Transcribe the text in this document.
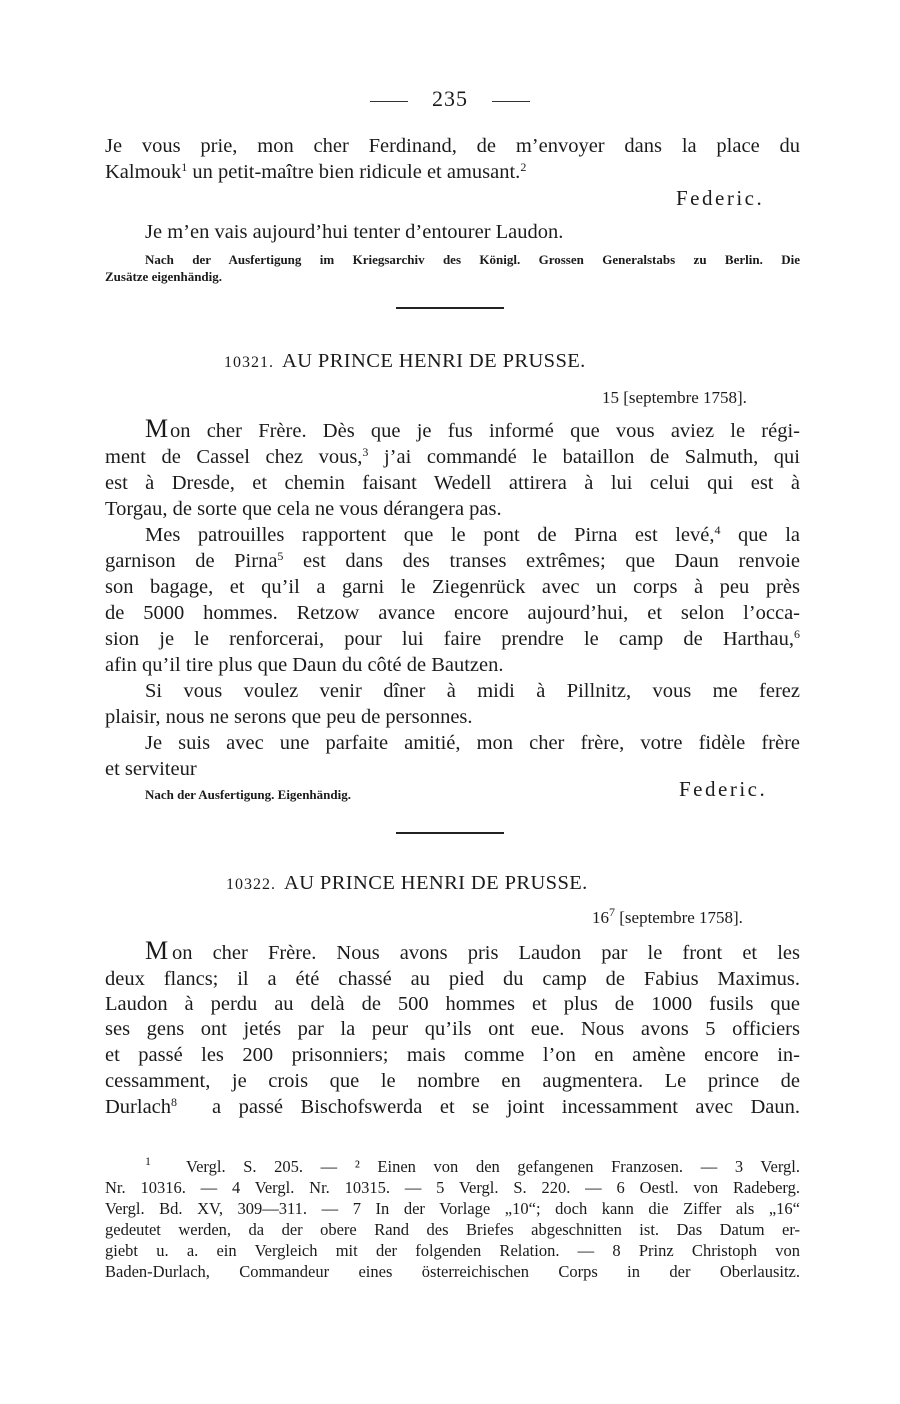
235
Je vous prie, mon cher Ferdinand, de m’envoyer dans la place du
Kalmouk$^1$ un petit-maître bien ridicule et amusant.$^2$
Federic.
Je m’en vais aujourd’hui tenter d’entourer Laudon.
Nach der Ausfertigung im Kriegsarchiv des Königl. Grossen Generalstabs zu Berlin. Die
Zusätze eigenhändig.
10321. AU PRINCE HENRI DE PRUSSE.
15 [septembre 1758].
M on cher Frère. Dès que je fus informé que vous aviez le régi-
ment de Cassel chez vous,$^3$ j’ai commandé le bataillon de Salmuth, qui
est à Dresde, et chemin faisant Wedell attirera à lui celui qui est à
Torgau, de sorte que cela ne vous dérangera pas.
Mes patrouilles rapportent que le pont de Pirna est levé,$^4$ que la
garnison de Pirna$^5$ est dans des transes extrêmes; que Daun renvoie
son bagage, et qu’il a garni le Ziegenrück avec un corps à peu près
de 5000 hommes. Retzow avance encore aujourd’hui, et selon l’occa-
sion je le renforcerai, pour lui faire prendre le camp de Harthau,$^6$
afin qu’il tire plus que Daun du côté de Bautzen.
Si vous voulez venir dîner à midi à Pillnitz, vous me ferez
plaisir, nous ne serons que peu de personnes.
Je suis avec une parfaite amitié, mon cher frère, votre fidèle frère
et serviteur
Nach der Ausfertigung. Eigenhändig.	Federic.
10322. AU PRINCE HENRI DE PRUSSE.
$16^7$ [septembre 1758].
M on cher Frère. Nous avons pris Laudon par le front et les
deux flancs; il a été chassé au pied du camp de Fabius Maximus.
Laudon à perdu au delà de 500 hommes et plus de 1000 fusils que
ses gens ont jetés par la peur qu’ils ont eue. Nous avons 5 officiers
et passé les 200 prisonniers; mais comme l’on en amène encore in-
cessamment, je crois que le nombre en augmentera. Le prince de
Durlach$^8$ a passé Bischofswerda et se joint incessamment avec Daun.
$^1$ Vergl. S. 205. — ² Einen von den gefangenen Franzosen. — 3 Vergl.
Nr. 10316. — 4 Vergl. Nr. 10315. — 5 Vergl. S. 220. — 6 Oestl. von Radeberg.
Vergl. Bd. XV, 309—311. — 7 In der Vorlage „10“; doch kann die Ziffer als „16“
gedeutet werden, da der obere Rand des Briefes abgeschnitten ist. Das Datum er-
giebt u. a. ein Vergleich mit der folgenden Relation. — 8 Prinz Christoph von
Baden-Durlach, Commandeur eines österreichischen Corps in der Oberlausitz.
